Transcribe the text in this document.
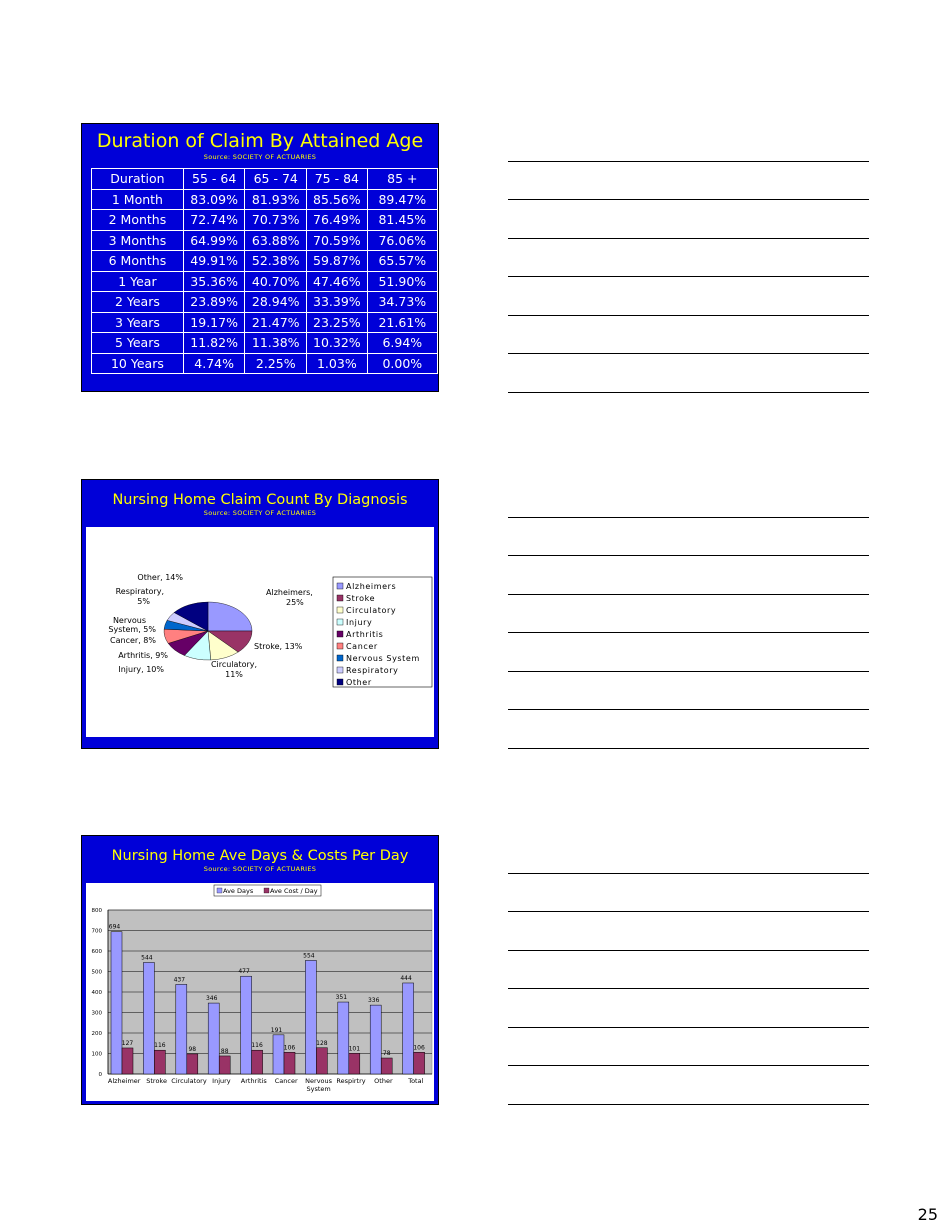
Duration of Claim By Attained Age
Source: SOCIETY OF ACTUARIES
Duration	55 - 64	65 - 74	75 - 84	85 +
1 Month	83.09%	81.93%	85.56%	89.47%
2 Months	72.74%	70.73%	76.49%	81.45%
3 Months	64.99%	63.88%	70.59%	76.06%
6 Months	49.91%	52.38%	59.87%	65.57%
1 Year	35.36%	40.70%	47.46%	51.90%
2 Years	23.89%	28.94%	33.39%	34.73%
3 Years	19.17%	21.47%	23.25%	21.61%
5 Years	11.82%	11.38%	10.32%	6.94%
10 Years	4.74%	2.25%	1.03%	0.00%
Nursing Home Claim Count By Diagnosis
Source: SOCIETY OF ACTUARIES
Alzheimers, 25%
Stroke, 13%
Circulatory, 11%
Injury, 10%
Arthritis, 9%
Cancer, 8%
Nervous System, 5%
Respiratory, 5%
Other, 14%
Alzheimers
Stroke
Circulatory
Injury
Arthritis
Cancer
Nervous System
Respiratory
Other
Nursing Home Ave Days & Costs Per Day
Source: SOCIETY OF ACTUARIES
Ave Days	Ave Cost / Day
0
100
200
300
400
500
600
700
800
694
127
Alzheimer
544
116
Stroke
437
98
Circulatory
346
88
Injury
477
116
Arthritis
191
106
Cancer
554
128
Nervous System
351
101
Respirtry
336
78
Other
444
106
Total
25
